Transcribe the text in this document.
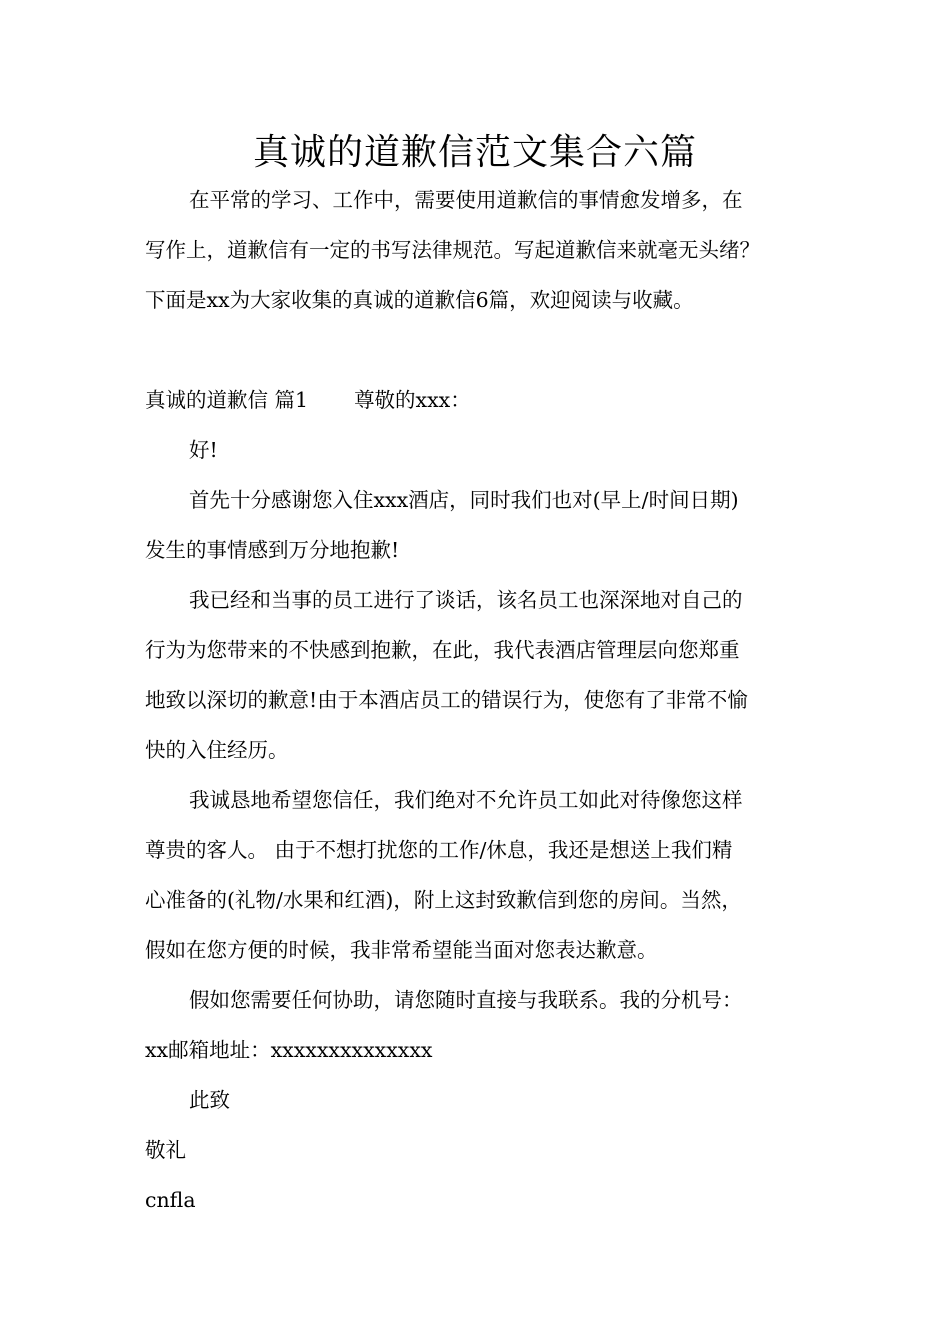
真诚的道歉信范文集合六篇
在平常的学习、工作中，需要使用道歉信的事情愈发增多，在
写作上，道歉信有一定的书写法律规范。写起道歉信来就毫无头绪？
下面是xx为大家收集的真诚的道歉信6篇，欢迎阅读与收藏。
真诚的道歉信 篇1 尊敬的xxx：
好!
首先十分感谢您入住xxx酒店，同时我们也对(早上/时间日期)
发生的事情感到万分地抱歉!
我已经和当事的员工进行了谈话，该名员工也深深地对自己的
行为为您带来的不快感到抱歉，在此，我代表酒店管理层向您郑重
地致以深切的歉意!由于本酒店员工的错误行为，使您有了非常不愉
快的入住经历。
我诚恳地希望您信任，我们绝对不允许员工如此对待像您这样
尊贵的客人。 由于不想打扰您的工作/休息，我还是想送上我们精
心准备的(礼物/水果和红酒)，附上这封致歉信到您的房间。当然，
假如在您方便的时候，我非常希望能当面对您表达歉意。
假如您需要任何协助，请您随时直接与我联系。我的分机号：
xx邮箱地址：xxxxxxxxxxxxxx
此致
敬礼
cnfla
